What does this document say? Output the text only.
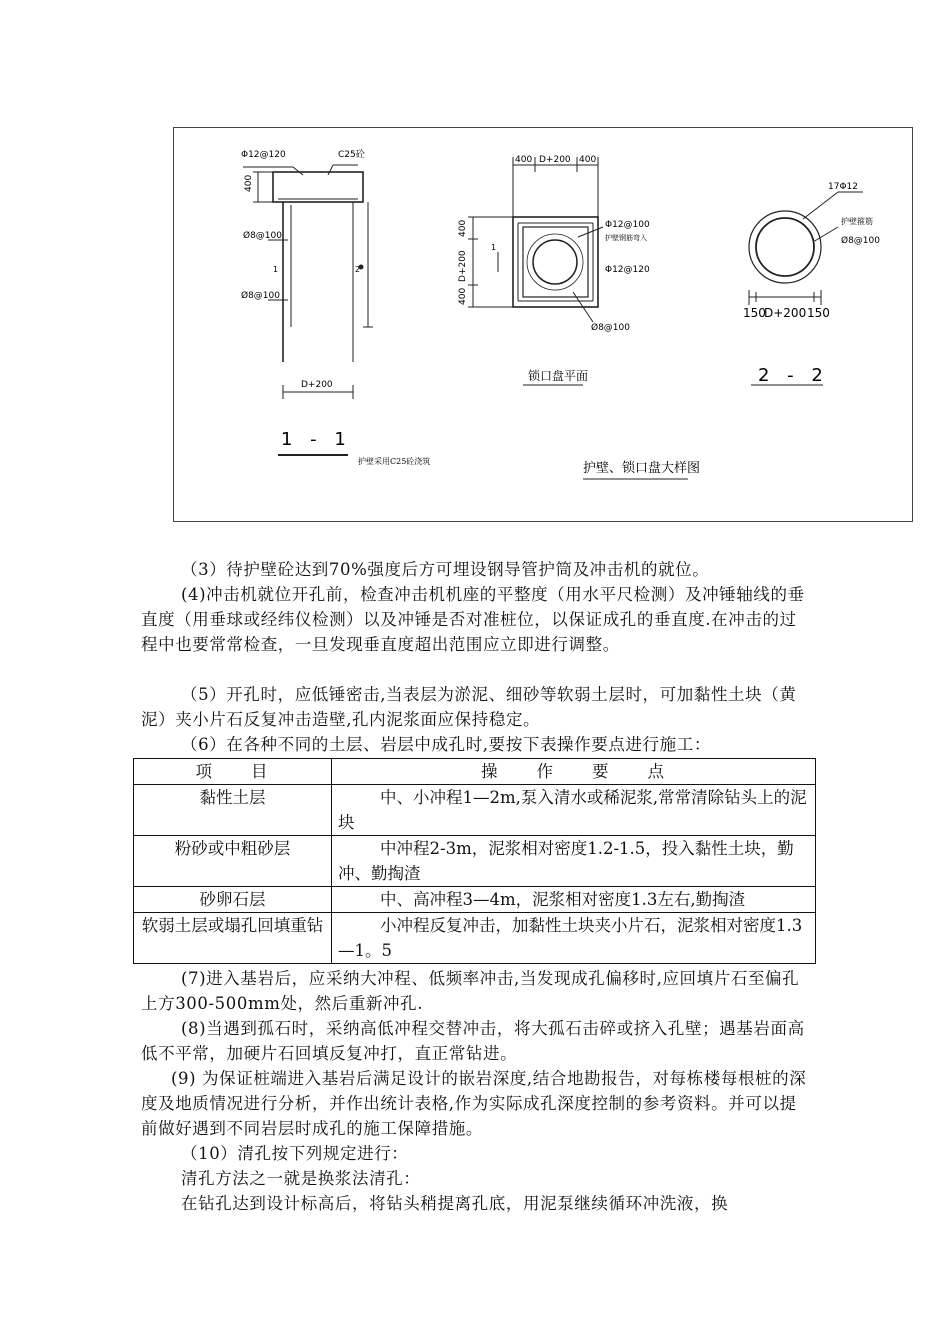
Φ12@120	C25砼
400
Ø8@100
Ø8@100
1	2
D+200
1 - 1
护壁采用C25砼浇筑
400 D+200 400
400
D+200
400
Φ12@100
护壁钢筋弯入
Φ12@120
Ø8@100
1
锁口盘平面
17Φ12
护壁箍筋
Ø8@100
150
D+200 150
2 - 2
护壁、锁口盘大样图

（3）待护壁砼达到70%强度后方可埋设钢导管护筒及冲击机的就位。

(4)冲击机就位开孔前，检查冲击机机座的平整度（用水平尺检测）及冲锤轴线的垂直度（用垂球或经纬仪检测）以及冲锤是否对准桩位，以保证成孔的垂直度.在冲击的过程中也要常常检查，一旦发现垂直度超出范围应立即进行调整。

（5）开孔时，应低锤密击,当表层为淤泥、细砂等软弱土层时，可加黏性土块（黄泥）夹小片石反复冲击造壁,孔内泥浆面应保持稳定。

（6）在各种不同的土层、岩层中成孔时,要按下表操作要点进行施工：

项　　目	操　　作　　要　　点
黏性土层	中、小冲程1—2m,泵入清水或稀泥浆,常常清除钻头上的泥块
粉砂或中粗砂层	中冲程2-3m，泥浆相对密度1.2-1.5，投入黏性土块，勤冲、勤掏渣
砂卵石层	中、高冲程3—4m，泥浆相对密度1.3左右,勤掏渣
软弱土层或塌孔回填重钻	小冲程反复冲击，加黏性土块夹小片石，泥浆相对密度1.3—1。5

(7)进入基岩后，应采纳大冲程、低频率冲击,当发现成孔偏移时,应回填片石至偏孔上方300-500mm处，然后重新冲孔.

(8)当遇到孤石时，采纳高低冲程交替冲击，将大孤石击碎或挤入孔壁；遇基岩面高低不平常，加硬片石回填反复冲打，直正常钻进。

(9) 为保证桩端进入基岩后满足设计的嵌岩深度,结合地勘报告，对每栋楼每根桩的深度及地质情况进行分析，并作出统计表格,作为实际成孔深度控制的参考资料。并可以提前做好遇到不同岩层时成孔的施工保障措施。

（10）清孔按下列规定进行：

清孔方法之一就是换浆法清孔：

在钻孔达到设计标高后，将钻头稍提离孔底，用泥泵继续循环冲洗液，换
